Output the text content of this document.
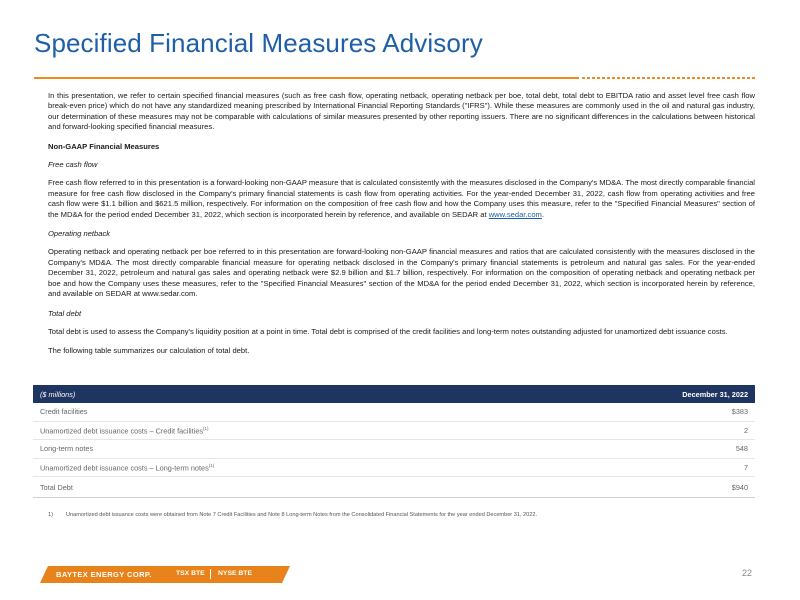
Specified Financial Measures Advisory

In this presentation, we refer to certain specified financial measures (such as free cash flow, operating netback, operating netback per boe, total debt, total debt to EBITDA ratio and asset level free cash flow break-even price) which do not have any standardized meaning prescribed by International Financial Reporting Standards ("IFRS"). While these measures are commonly used in the oil and natural gas industry, our determination of these measures may not be comparable with calculations of similar measures presented by other reporting issuers. There are no significant differences in the calculations between historical and forward-looking specified financial measures.

Non-GAAP Financial Measures

Free cash flow

Free cash flow referred to in this presentation is a forward-looking non-GAAP measure that is calculated consistently with the measures disclosed in the Company's MD&A. The most directly comparable financial measure for free cash flow disclosed in the Company's primary financial statements is cash flow from operating activities. For the year-ended December 31, 2022, cash flow from operating activities and free cash flow were $1.1 billion and $621.5 million, respectively. For information on the composition of free cash flow and how the Company uses this measure, refer to the "Specified Financial Measures" section of the MD&A for the period ended December 31, 2022, which section is incorporated herein by reference, and available on SEDAR at www.sedar.com.

Operating netback

Operating netback and operating netback per boe referred to in this presentation are forward-looking non-GAAP financial measures and ratios that are calculated consistently with the measures disclosed in the Company's MD&A. The most directly comparable financial measure for operating netback disclosed in the Company's primary financial statements is petroleum and natural gas sales. For the year-ended December 31, 2022, petroleum and natural gas sales and operating netback were $2.9 billion and $1.7 billion, respectively. For information on the composition of operating netback and operating netback per boe and how the Company uses these measures, refer to the "Specified Financial Measures" section of the MD&A for the period ended December 31, 2022, which section is incorporated herein by reference, and available on SEDAR at www.sedar.com.

Total debt

Total debt is used to assess the Company's liquidity position at a point in time. Total debt is comprised of the credit facilities and long-term notes outstanding adjusted for unamortized debt issuance costs.

The following table summarizes our calculation of total debt.

($ millions)	December 31, 2022
Credit facilities	$383
Unamortized debt issuance costs – Credit facilities$^{(1)}$	2
Long-term notes	548
Unamortized debt issuance costs – Long-term notes$^{(1)}$	7
Total Debt	$940
1) Unamortized debt issuance costs were obtained from Note 7 Credit Facilities and Note 8 Long-term Notes from the Consolidated Financial Statements for the year ended December 31, 2022.
BAYTEX ENERGY CORP.	TSX BTE NYSE BTE	22
